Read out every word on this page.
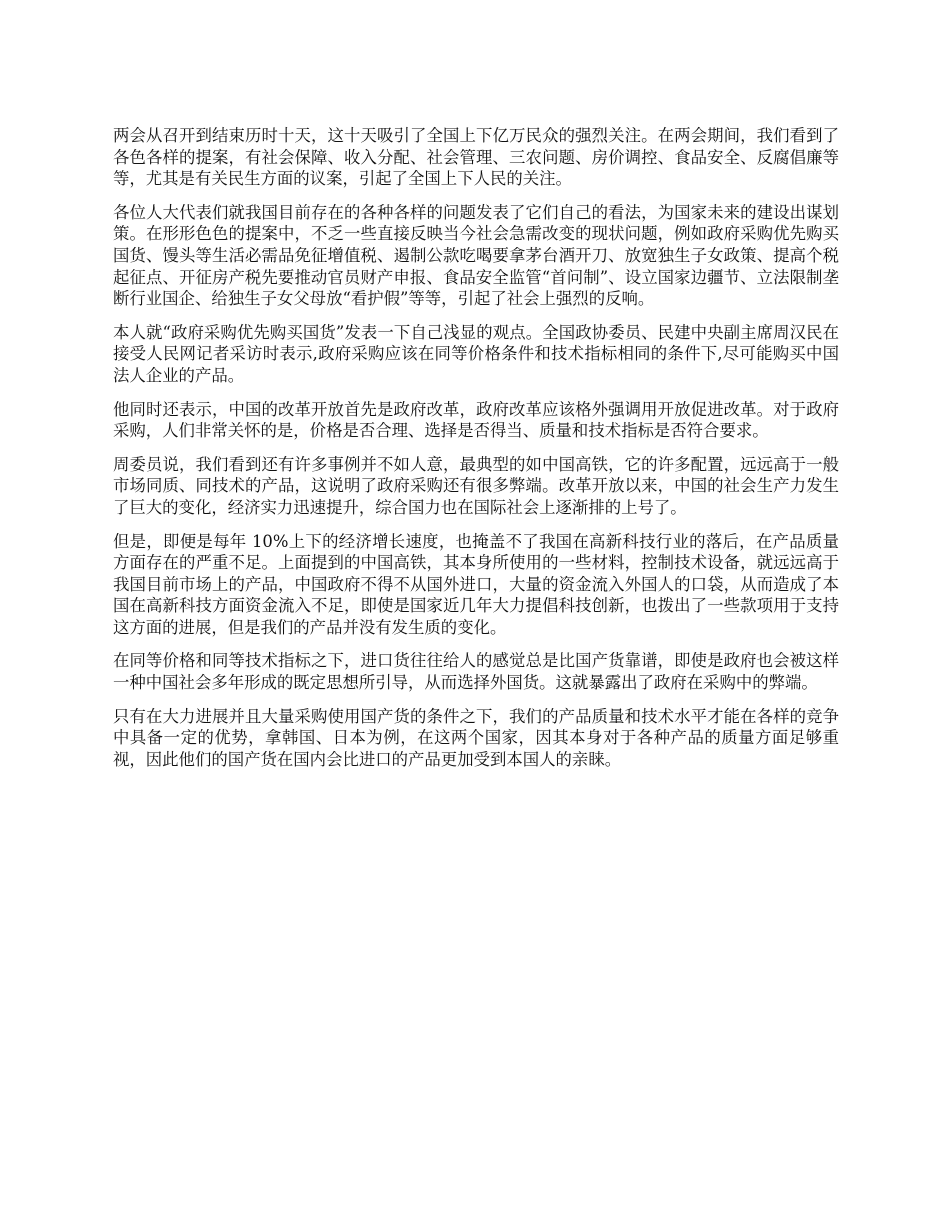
两会从召开到结束历时十天，这十天吸引了全国上下亿万民众的强烈关注。在两会期间，我们看到了各色各样的提案，有社会保障、收入分配、社会管理、三农问题、房价调控、食品安全、反腐倡廉等等，尤其是有关民生方面的议案，引起了全国上下人民的关注。

各位人大代表们就我国目前存在的各种各样的问题发表了它们自己的看法，为国家未来的建设出谋划策。在形形色色的提案中，不乏一些直接反映当今社会急需改变的现状问题，例如政府采购优先购买国货、馒头等生活必需品免征增值税、遏制公款吃喝要拿茅台酒开刀、放宽独生子女政策、提高个税起征点、开征房产税先要推动官员财产申报、食品安全监管“首问制”、设立国家边疆节、立法限制垄断行业国企、给独生子女父母放“看护假”等等，引起了社会上强烈的反响。

本人就“政府采购优先购买国货”发表一下自己浅显的观点。全国政协委员、民建中央副主席周汉民在接受人民网记者采访时表示,政府采购应该在同等价格条件和技术指标相同的条件下,尽可能购买中国法人企业的产品。

他同时还表示，中国的改革开放首先是政府改革，政府改革应该格外强调用开放促进改革。对于政府采购，人们非常关怀的是，价格是否合理、选择是否得当、质量和技术指标是否符合要求。

周委员说，我们看到还有许多事例并不如人意，最典型的如中国高铁，它的许多配置，远远高于一般市场同质、同技术的产品，这说明了政府采购还有很多弊端。改革开放以来，中国的社会生产力发生了巨大的变化，经济实力迅速提升，综合国力也在国际社会上逐渐排的上号了。

但是，即便是每年 10%上下的经济增长速度，也掩盖不了我国在高新科技行业的落后，在产品质量方面存在的严重不足。上面提到的中国高铁，其本身所使用的一些材料，控制技术设备，就远远高于我国目前市场上的产品，中国政府不得不从国外进口，大量的资金流入外国人的口袋，从而造成了本国在高新科技方面资金流入不足，即使是国家近几年大力提倡科技创新，也拨出了一些款项用于支持这方面的进展，但是我们的产品并没有发生质的变化。

在同等价格和同等技术指标之下，进口货往往给人的感觉总是比国产货靠谱，即使是政府也会被这样一种中国社会多年形成的既定思想所引导，从而选择外国货。这就暴露出了政府在采购中的弊端。

只有在大力进展并且大量采购使用国产货的条件之下，我们的产品质量和技术水平才能在各样的竞争中具备一定的优势，拿韩国、日本为例，在这两个国家，因其本身对于各种产品的质量方面足够重视，因此他们的国产货在国内会比进口的产品更加受到本国人的亲睐。
